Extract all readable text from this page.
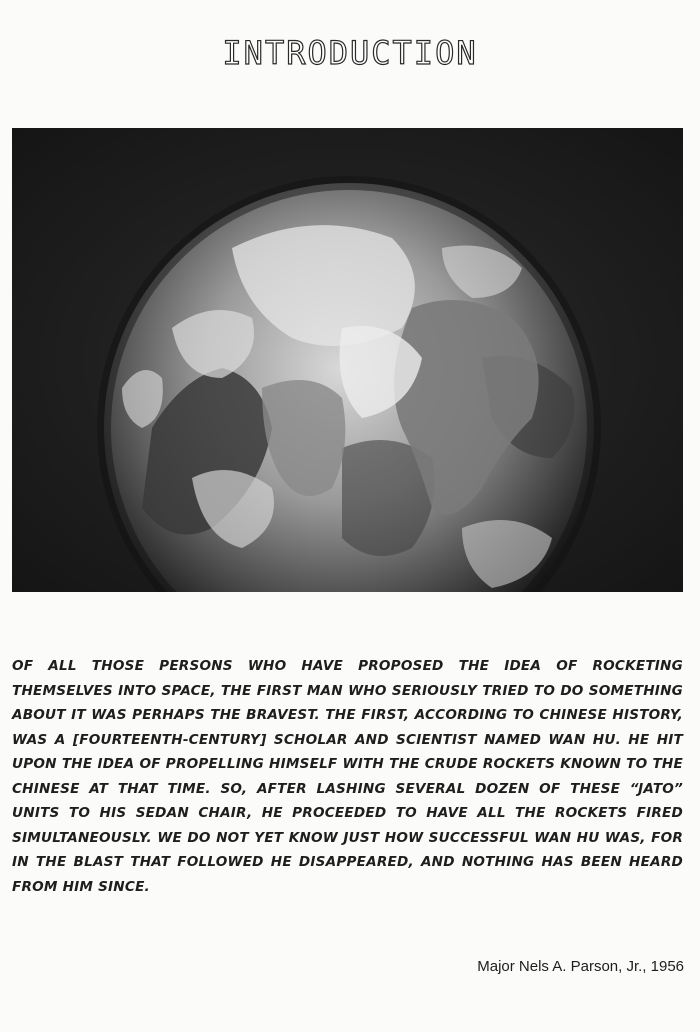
INTRODUCTION
OF ALL THOSE PERSONS WHO HAVE PROPOSED THE IDEA OF ROCKETING THEMSELVES INTO SPACE, THE FIRST MAN WHO SERIOUSLY TRIED TO DO SOMETHING ABOUT IT WAS PERHAPS THE BRAVEST. THE FIRST, ACCORDING TO CHINESE HISTORY, WAS A [FOURTEENTH-CENTURY] SCHOLAR AND SCIENTIST NAMED WAN HU. HE HIT UPON THE IDEA OF PROPELLING HIMSELF WITH THE CRUDE ROCKETS KNOWN TO THE CHINESE AT THAT TIME. SO, AFTER LASHING SEVERAL DOZEN OF THESE “JATO” UNITS TO HIS SEDAN CHAIR, HE PROCEEDED TO HAVE ALL THE ROCKETS FIRED SIMULTANEOUSLY. WE DO NOT YET KNOW JUST HOW SUCCESSFUL WAN HU WAS, FOR IN THE BLAST THAT FOLLOWED HE DISAPPEARED, AND NOTHING HAS BEEN HEARD FROM HIM SINCE.
Major Nels A. Parson, Jr., 1956
